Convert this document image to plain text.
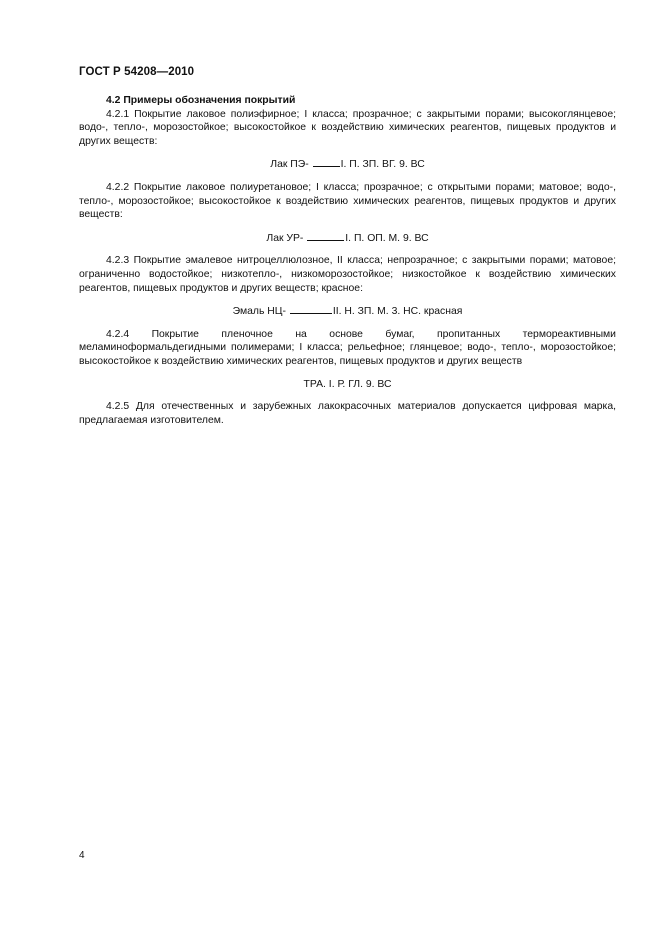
ГОСТ Р 54208—2010
4.2 Примеры обозначения покрытий

4.2.1 Покрытие лаковое полиэфирное; I класса; прозрачное; с закрытыми порами; высокоглянцевое; водо-, тепло-, морозостойкое; высокостойкое к воздействию химических реагентов, пищевых продуктов и других веществ:

Лак ПЭ-	I. П. ЗП. ВГ. 9. ВС

4.2.2 Покрытие лаковое полиуретановое; I класса; прозрачное; с открытыми порами; матовое; водо-, тепло-, морозостойкое; высокостойкое к воздействию химических реагентов, пищевых продуктов и других веществ:

Лак УР-	I. П. ОП. М. 9. ВС

4.2.3 Покрытие эмалевое нитроцеллюлозное, II класса; непрозрачное; с закрытыми порами; матовое; ограниченно водостойкое; низкотепло-, низкоморозостойкое; низкостойкое к воздействию химических реагентов, пищевых продуктов и других веществ; красное:

Эмаль НЦ-	II. Н. ЗП. М. 3. НС. красная

4.2.4 Покрытие пленочное на основе бумаг, пропитанных термореактивными меламиноформальдегидными полимерами; I класса; рельефное; глянцевое; водо-, тепло-, морозостойкое; высокостойкое к воздействию химических реагентов, пищевых продуктов и других веществ

ТРА. I. Р. ГЛ. 9. ВС

4.2.5 Для отечественных и зарубежных лакокрасочных материалов допускается цифровая марка, предлагаемая изготовителем.

4
